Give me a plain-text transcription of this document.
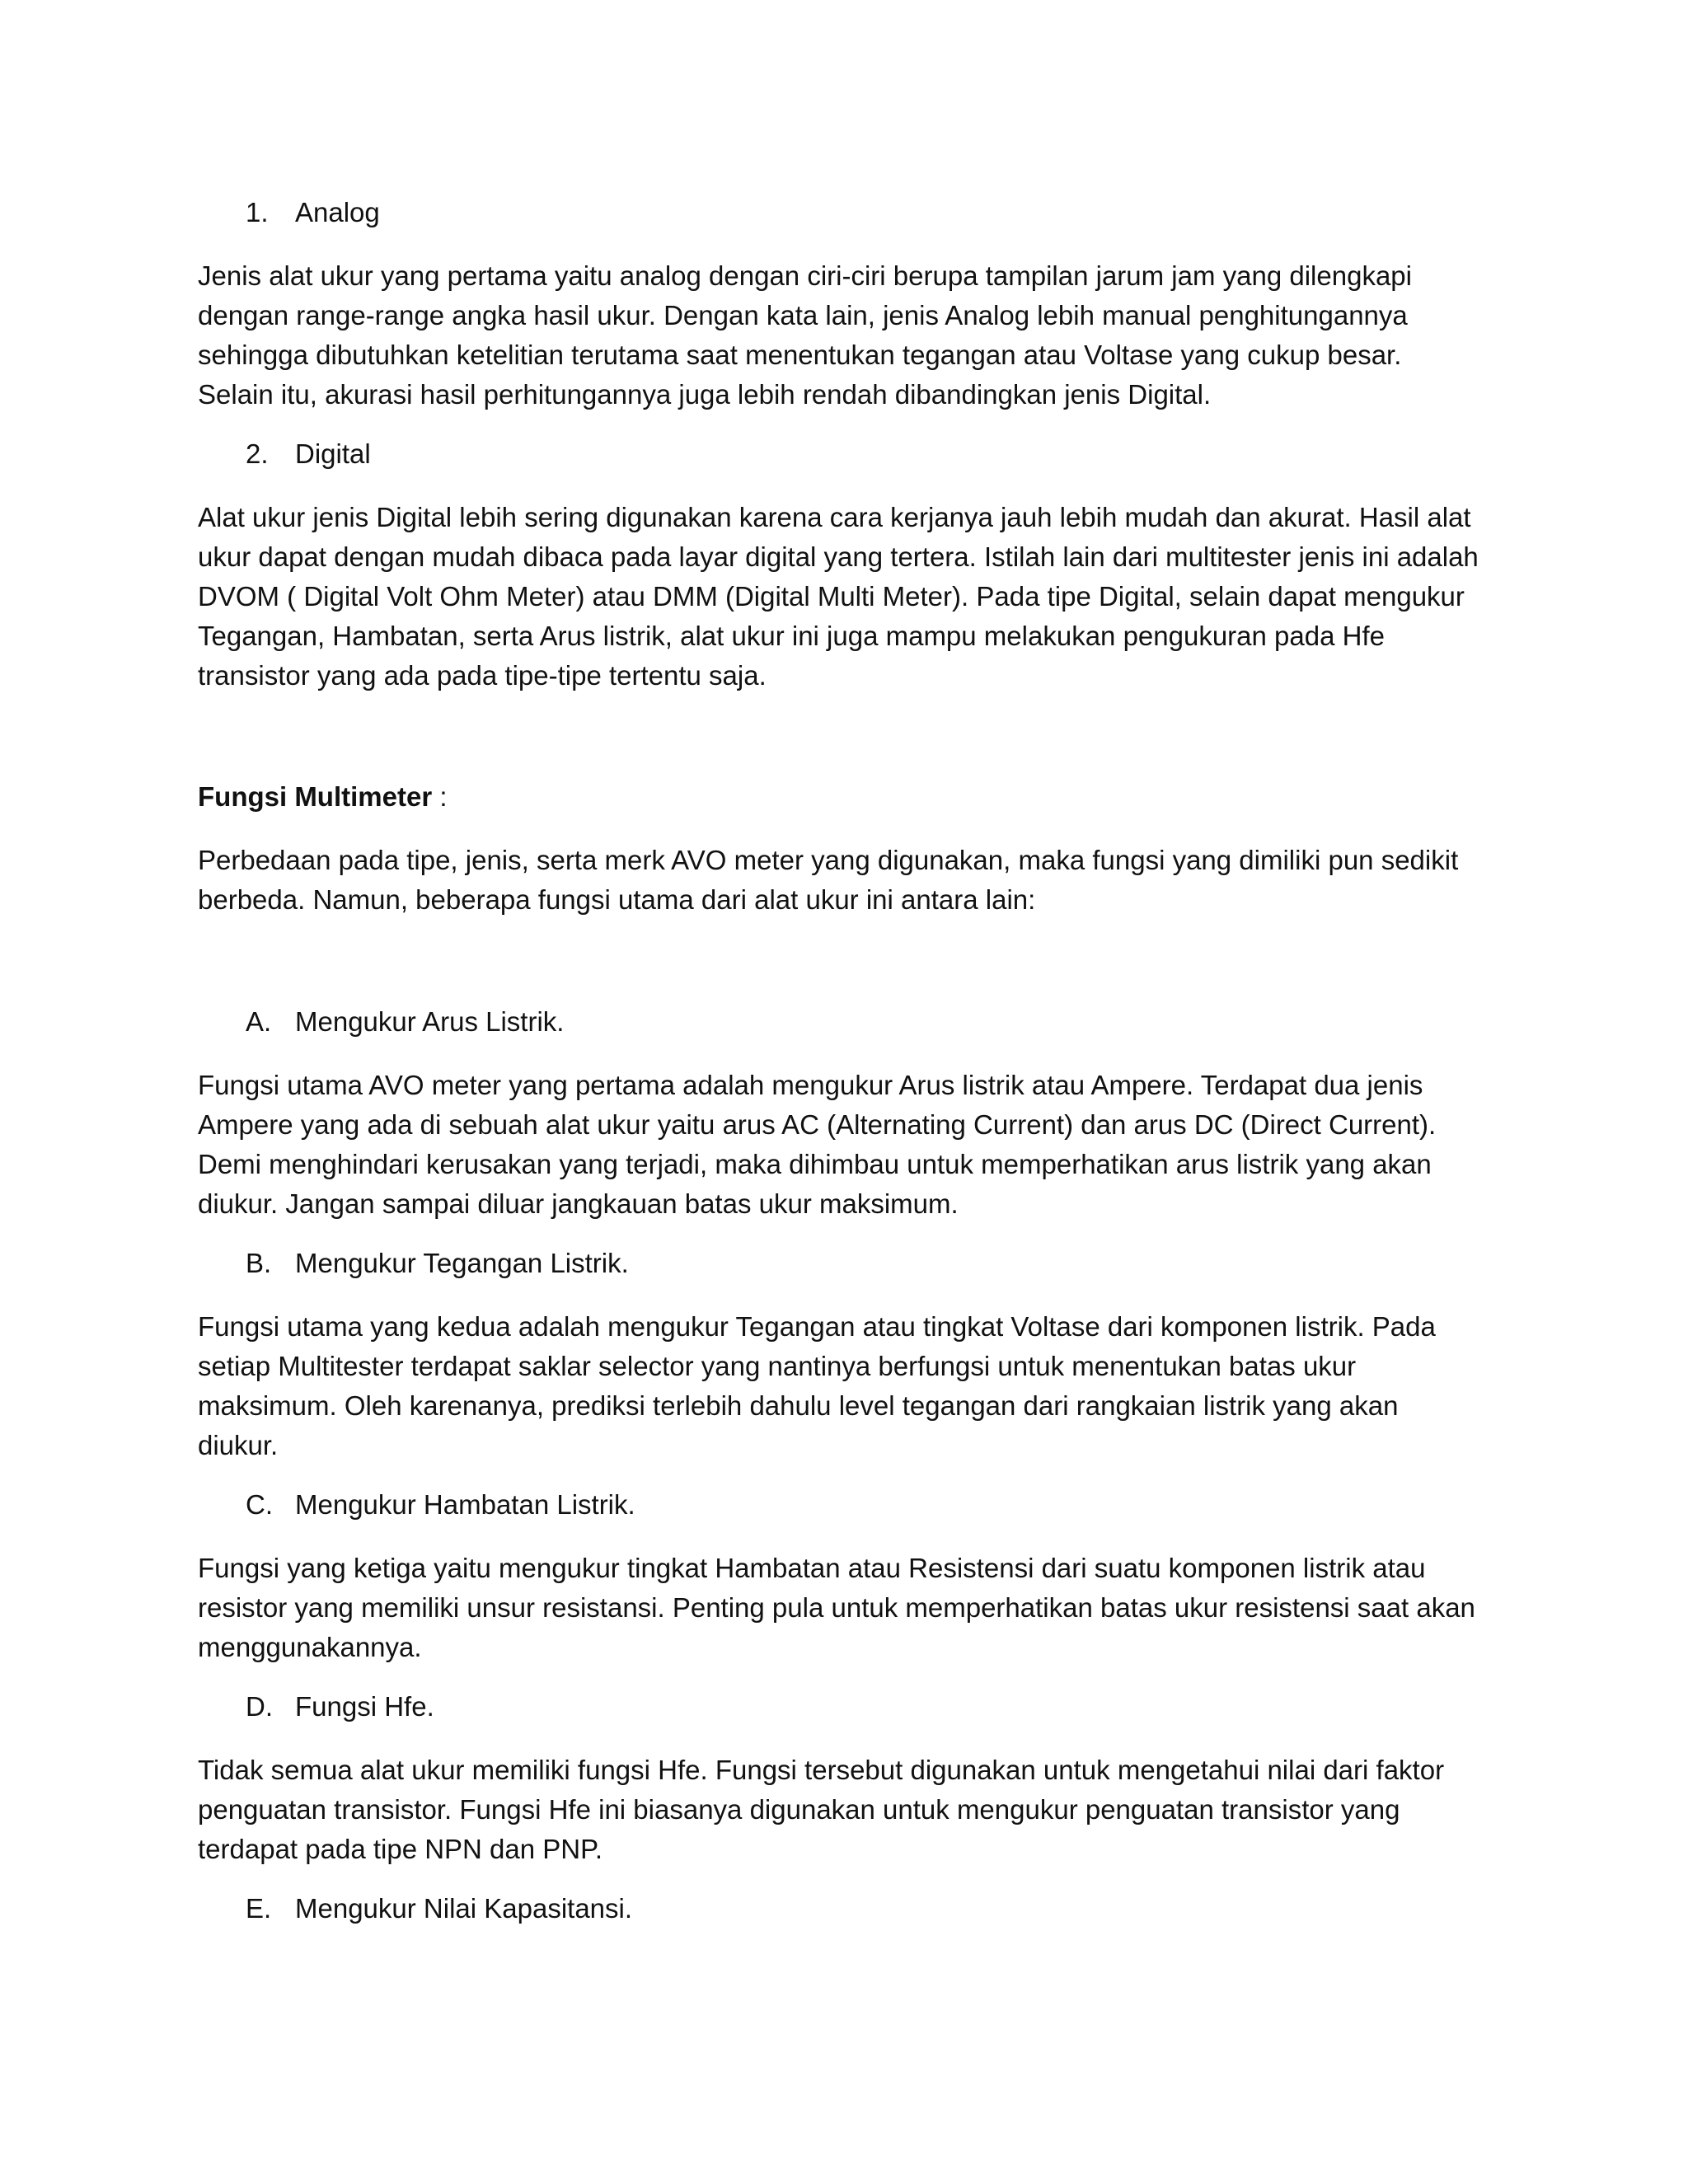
1. Analog

Jenis alat ukur yang pertama yaitu analog dengan ciri-ciri berupa tampilan jarum jam yang dilengkapi dengan range-range angka hasil ukur. Dengan kata lain, jenis Analog lebih manual penghitungannya sehingga dibutuhkan ketelitian terutama saat menentukan tegangan atau Voltase yang cukup besar. Selain itu, akurasi hasil perhitungannya juga lebih rendah dibandingkan jenis Digital.

2. Digital

Alat ukur jenis Digital lebih sering digunakan karena cara kerjanya jauh lebih mudah dan akurat. Hasil alat ukur dapat dengan mudah dibaca pada layar digital yang tertera. Istilah lain dari multitester jenis ini adalah DVOM ( Digital Volt Ohm Meter) atau DMM (Digital Multi Meter). Pada tipe Digital, selain dapat mengukur Tegangan, Hambatan, serta Arus listrik, alat ukur ini juga mampu melakukan pengukuran pada Hfe transistor yang ada pada tipe-tipe tertentu saja.

Fungsi Multimeter :

Perbedaan pada tipe, jenis, serta merk AVO meter yang digunakan, maka fungsi yang dimiliki pun sedikit berbeda. Namun, beberapa fungsi utama dari alat ukur ini antara lain:

A. Mengukur Arus Listrik.

Fungsi utama AVO meter yang pertama adalah mengukur Arus listrik atau Ampere. Terdapat dua jenis Ampere yang ada di sebuah alat ukur yaitu arus AC (Alternating Current) dan arus DC (Direct Current). Demi menghindari kerusakan yang terjadi, maka dihimbau untuk memperhatikan arus listrik yang akan diukur. Jangan sampai diluar jangkauan batas ukur maksimum.

B. Mengukur Tegangan Listrik.

Fungsi utama yang kedua adalah mengukur Tegangan atau tingkat Voltase dari komponen listrik. Pada setiap Multitester terdapat saklar selector yang nantinya berfungsi untuk menentukan batas ukur maksimum. Oleh karenanya, prediksi terlebih dahulu level tegangan dari rangkaian listrik yang akan diukur.

C. Mengukur Hambatan Listrik.

Fungsi yang ketiga yaitu mengukur tingkat Hambatan atau Resistensi dari suatu komponen listrik atau resistor yang memiliki unsur resistansi. Penting pula untuk memperhatikan batas ukur resistensi saat akan menggunakannya.

D. Fungsi Hfe.

Tidak semua alat ukur memiliki fungsi Hfe. Fungsi tersebut digunakan untuk mengetahui nilai dari faktor penguatan transistor. Fungsi Hfe ini biasanya digunakan untuk mengukur penguatan transistor yang terdapat pada tipe NPN dan PNP.

E. Mengukur Nilai Kapasitansi.
